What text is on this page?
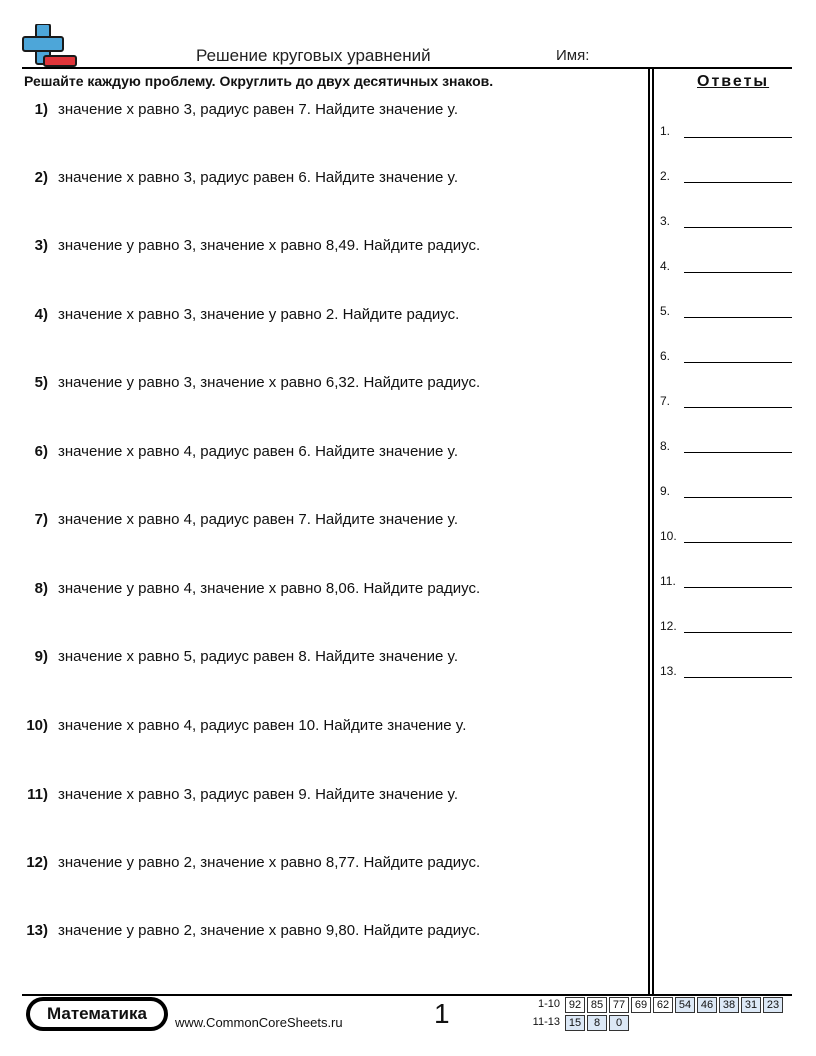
Решение круговых уравнений	Имя:
Решайте каждую проблему. Округлить до двух десятичных знаков.
1) значение x равно 3, радиус равен 7. Найдите значение y.
2) значение x равно 3, радиус равен 6. Найдите значение y.
3) значение y равно 3, значение x равно 8,49. Найдите радиус.
4) значение x равно 3, значение y равно 2. Найдите радиус.
5) значение y равно 3, значение x равно 6,32. Найдите радиус.
6) значение x равно 4, радиус равен 6. Найдите значение y.
7) значение x равно 4, радиус равен 7. Найдите значение y.
8) значение y равно 4, значение x равно 8,06. Найдите радиус.
9) значение x равно 5, радиус равен 8. Найдите значение y.
10) значение x равно 4, радиус равен 10. Найдите значение y.
11) значение x равно 3, радиус равен 9. Найдите значение y.
12) значение y равно 2, значение x равно 8,77. Найдите радиус.
13) значение y равно 2, значение x равно 9,80. Найдите радиус.
Ответы
1.
2.
3.
4.
5.
6.
7.
8.
9.
10.
11.
12.
13.
Математика	www.CommonCoreSheets.ru	1	1-10 92 85 77 69 62 54 46 38 31 23
11-13 15	8	0
